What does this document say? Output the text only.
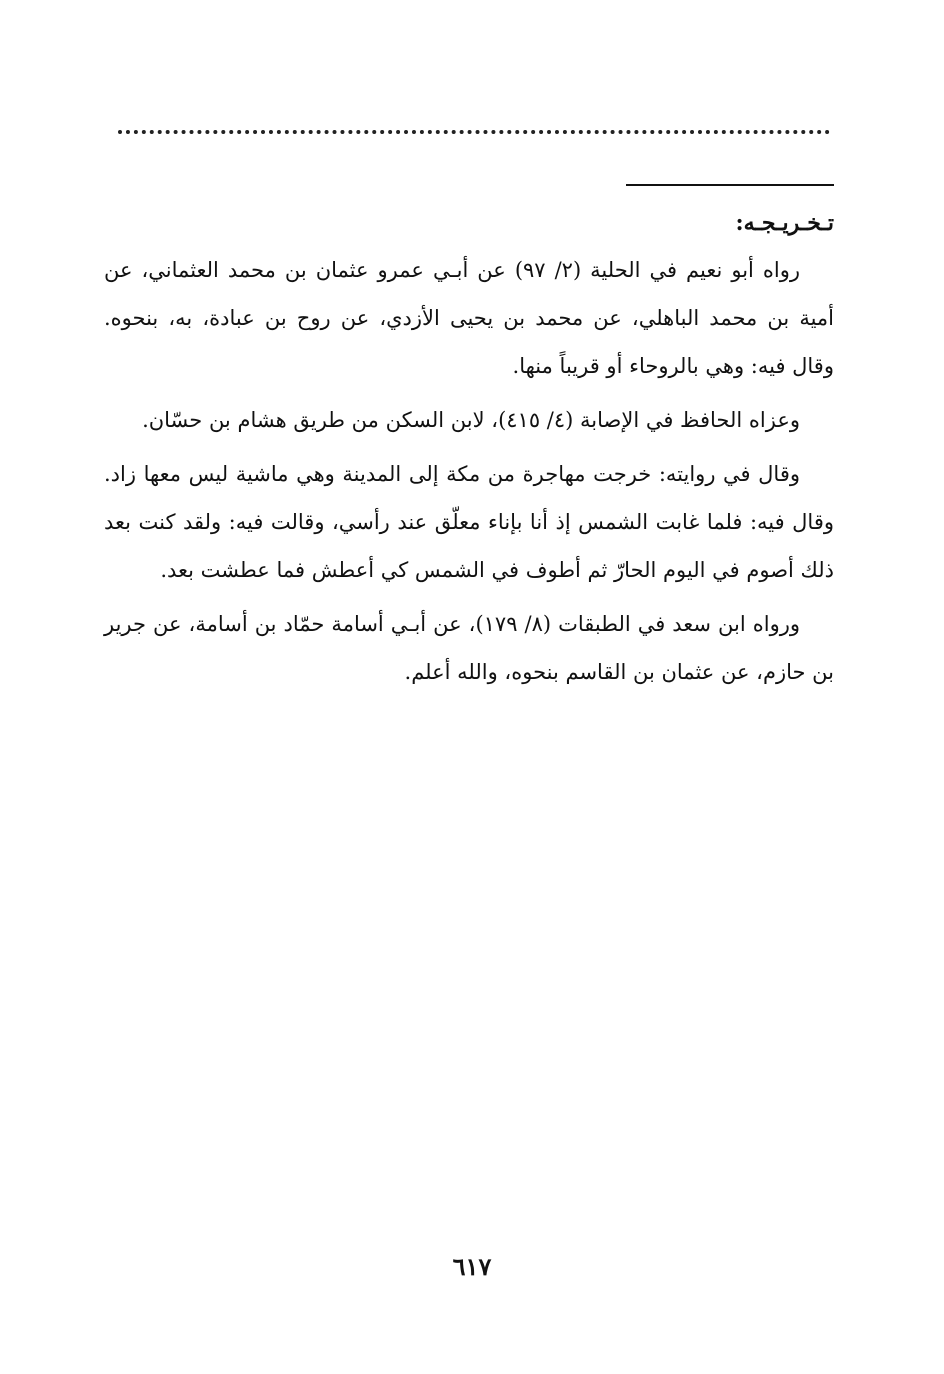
تـخـريـجـه:

رواه أبو نعيم في الحلية (٢/ ٩٧) عن أبـي عمرو عثمان بن محمد العثماني، عن أمية بن محمد الباهلي، عن محمد بن يحيى الأزدي، عن روح بن عبادة، به، بنحوه. وقال فيه: وهي بالروحاء أو قريباً منها.

وعزاه الحافظ في الإصابة (٤/ ٤١٥)، لابن السكن من طريق هشام بن حسّان.

وقال في روايته: خرجت مهاجرة من مكة إلى المدينة وهي ماشية ليس معها زاد. وقال فيه: فلما غابت الشمس إذ أنا بإناء معلّق عند رأسي، وقالت فيه: ولقد كنت بعد ذلك أصوم في اليوم الحارّ ثم أطوف في الشمس كي أعطش فما عطشت بعد.

ورواه ابن سعد في الطبقات (٨/ ١٧٩)، عن أبـي أسامة حمّاد بن أسامة، عن جرير بن حازم، عن عثمان بن القاسم بنحوه، والله أعلم.

٦١٧
